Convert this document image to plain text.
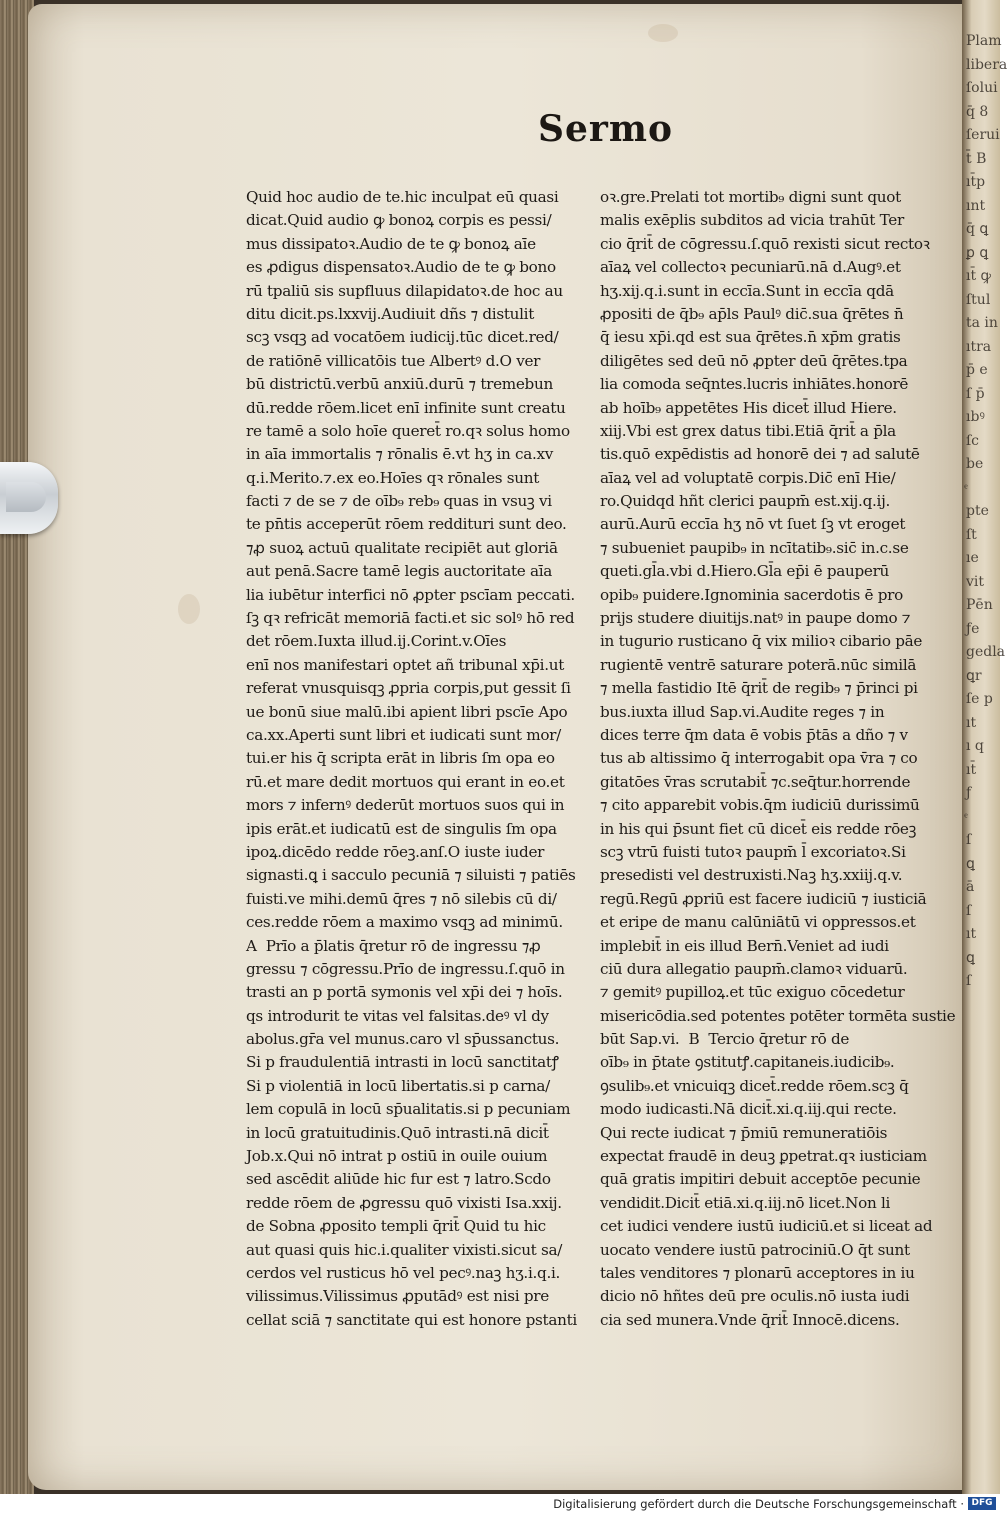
Plam
libera
ſolui
q̄ 8
ſerui
t̄ B
ıt̄p
ınt
q̄ ꝗ
ꝑ ꝗ
ıt̄ ꝙ
ſtul
ta in
ıtra
p̄ e
ſ p̄
ıbꝰ
ſc
be
pte
ſt
ıe
vit
Pēn
ƒe
gedla
ꝗr
ſe p
ıt
ı q
ıt̄
ƒ
ſ
ꝗ
ā
ſ
ıt
ꝗ
ſ
Sermo
Quid hoc audio de te.hic inculpat eū quasi
dicat.Quid audio ꝙ bonoꝝ corpis es pessi/
mus dissipatoꝛ.Audio de te ꝙ bonoꝝ aīe
es ꝓdigus dispensatoꝛ.Audio de te ꝙ bono
rū tpaliū sis supfluus dilapidatoꝛ.de hoc au
ditu dicit.ps.lxxvij.Audiuit dñs ⁊ distulit
scꝫ vsqꝫ ad vocatōem iudicij.tūc dicet.red/
de ratiōnē villicatōis tue Albertꝰ d.O ver
bū districtū.verbū anxiū.durū ⁊ tremebun
dū.redde rōem.licet enī infinite sunt creatu
re tamē a solo hoīe queret̄ ro.qꝛ solus homo
in aīa immortalis ⁊ rōnalis ē.vt hʒ in ca.xv
q.i.Merito.⁊.ex eo.Hoīes qꝛ rōnales sunt
facti ⁊ de se ⁊ de oīb₉ reb₉ quas in vsuꝫ vi
te pn̄tis acceperūt rōem reddituri sunt deo.
⁊ꝓ suoꝝ actuū qualitate recipiēt aut gloriā
aut penā.Sacre tamē legis auctoritate aīa
lia iubētur interfici nō ꝓpter pscīam peccati.
ſꝫ qꝛ refricāt memoriā facti.et sic solꝰ hō red
det rōem.Iuxta illud.ij.Corint.v.Oīes
enī nos manifestari optet añ tribunal xp̄i.ut
referat vnusquisqꝫ ꝓpria corpis,put gessit ſi
ue bonū siue malū.ibi apient libri pscīe Apo
ca.xx.Aperti sunt libri et iudicati sunt mor/
tui.er his q̄ scripta erāt in libris ſm opa eo
rū.et mare dedit mortuos qui erant in eo.et
mors ⁊ infernꝰ dederūt mortuos suos qui in
ipis erāt.et iudicatū est de singulis ſm opa
ipoꝝ.dicēdo redde rōeꝫ.anſ.O iuste iuder
signasti.ꝗ i sacculo pecuniā ⁊ siluisti ⁊ patiēs
fuisti.ve mihi.demū q̄res ⁊ nō silebis cū di/
ces.redde rōem a maximo vsqꝫ ad minimū.
A  Prīo a p̄latis q̄retur rō de ingressu ⁊ꝓ
gressu ⁊ cōgressu.Prīo de ingressu.ſ.quō in
trasti an p portā symonis vel xp̄i dei ⁊ hoīs.
qs introdurit te vitas vel falsitas.deꝰ vl dy
abolus.gr̄a vel munus.caro vl sp̄ussanctus.
Si p fraudulentiā intrasti in locū sanctitatꝭ
Si p violentiā in locū libertatis.si p carna/
lem copulā in locū sp̄ualitatis.si p pecuniam
in locū gratuitudinis.Quō intrasti.nā dicit̄
Job.x.Qui nō intrat p ostiū in ouile ouium
sed ascēdit aliūde hic fur est ⁊ latro.Scdo
redde rōem de ꝓgressu quō vixisti Isa.xxij.
de Sobna ꝓposito templi q̄rit̄ Quid tu hic
aut quasi quis hic.i.qualiter vixisti.sicut sa/
cerdos vel rusticus hō vel pecꝰ.naꝫ hʒ.i.q.i.
vilissimus.Vilissimus ꝓputādꝰ est nisi pre
cellat sciā ⁊ sanctitate qui est honore pstanti
oꝛ.gre.Prelati tot mortib₉ digni sunt quot
malis exēplis subditos ad vicia trahūt Ter
cio q̄rit̄ de cōgressu.ſ.quō rexisti sicut rectoꝛ
aīaꝝ vel collectoꝛ pecuniarū.nā d.Augꝰ.et
hʒ.xij.q.i.sunt in eccīa.Sunt in eccīa qdā
ꝓpositi de q̄b₉ ap̄ls Paulꝰ dic̄.sua q̄rētes n̄
q̄ iesu xp̄i.qd est sua q̄rētes.n̄ xp̄m gratis
diligētes sed deū nō ꝓpter deū q̄rētes.tpa
lia comoda seq̄ntes.lucris inhiātes.honorē
ab hoīb₉ appetētes His dicet̄ illud Hiere.
xiij.Vbi est grex datus tibi.Etiā q̄rit̄ a p̄la
tis.quō expēdistis ad honorē dei ⁊ ad salutē
aīaꝝ vel ad voluptatē corpis.Dic̄ enī Hie/
ro.Quidqd hñt clerici paupm̄ est.xij.q.ij.
aurū.Aurū eccīa hʒ nō vt ſuet ſꝫ vt eroget
⁊ subueniet paupib₉ in ncītatib₉.sic̄ in.c.se
queti.gl̄a.vbi d.Hiero.Gl̄a ep̄i ē pauperū
opib₉ puidere.Ignominia sacerdotis ē pro
prijs studere diuitijs.natꝰ in paupe domo ⁊
in tugurio rusticano q̄ vix milioꝛ cibario pāe
rugientē ventrē saturare poterā.nūc similā
⁊ mella fastidio Itē q̄rit̄ de regib₉ ⁊ p̄rinci pi
bus.iuxta illud Sap.vi.Audite reges ⁊ in
dices terre q̄m data ē vobis p̄tās a dño ⁊ v
tus ab altissimo q̄ interrogabit opa v̄ra ⁊ co
gitatōes v̄ras scrutabit̄ ⁊c.seq̄tur.horrende
⁊ cito apparebit vobis.q̄m iudiciū durissimū
in his qui p̄sunt fiet cū dicet̄ eis redde rōeꝫ
scꝫ vtrū fuisti tutoꝛ paupm̄ l̄ excoriatoꝛ.Si
presedisti vel destruxisti.Naꝫ hʒ.xxiij.q.v.
regū.Regū ꝓpriū est facere iudiciū ⁊ iusticiā
et eripe de manu calūniātū vi oppressos.et
implebit̄ in eis illud Bern̄.Veniet ad iudi
ciū dura allegatio paupm̄.clamoꝛ viduarū.
⁊ gemitꝰ pupilloꝝ.et tūc exiguo cōcedetur
misericōdia.sed potentes potēter tormēta sustie
būt Sap.vi.  B  Tercio q̄retur rō de
oīb₉ in p̄tate ꝯstitutꝭ.capitaneis.iudicib₉.
ꝯsulib₉.et vnicuiqꝫ dicet̄.redde rōem.scꝫ q̄
modo iudicasti.Nā dicit̄.xi.q.iij.qui recte.
Qui recte iudicat ⁊ p̄miū remuneratiōis
expectat fraudē in deuꝫ ꝑpetrat.qꝛ iusticiam
quā gratis impitiri debuit acceptōe pecunie
vendidit.Dicit̄ etiā.xi.q.iij.nō licet.Non li
cet iudici vendere iustū iudiciū.et si liceat ad
uocato vendere iustū patrociniū.O q̄t sunt
tales venditores ⁊ plonarū acceptores in iu
dicio nō hñtes deū pre oculis.nō iusta iudi
cia sed munera.Vnde q̄rit̄ Innocē.dicens.
Digitalisierung gefördert durch die Deutsche Forschungsgemeinschaft · DFG
